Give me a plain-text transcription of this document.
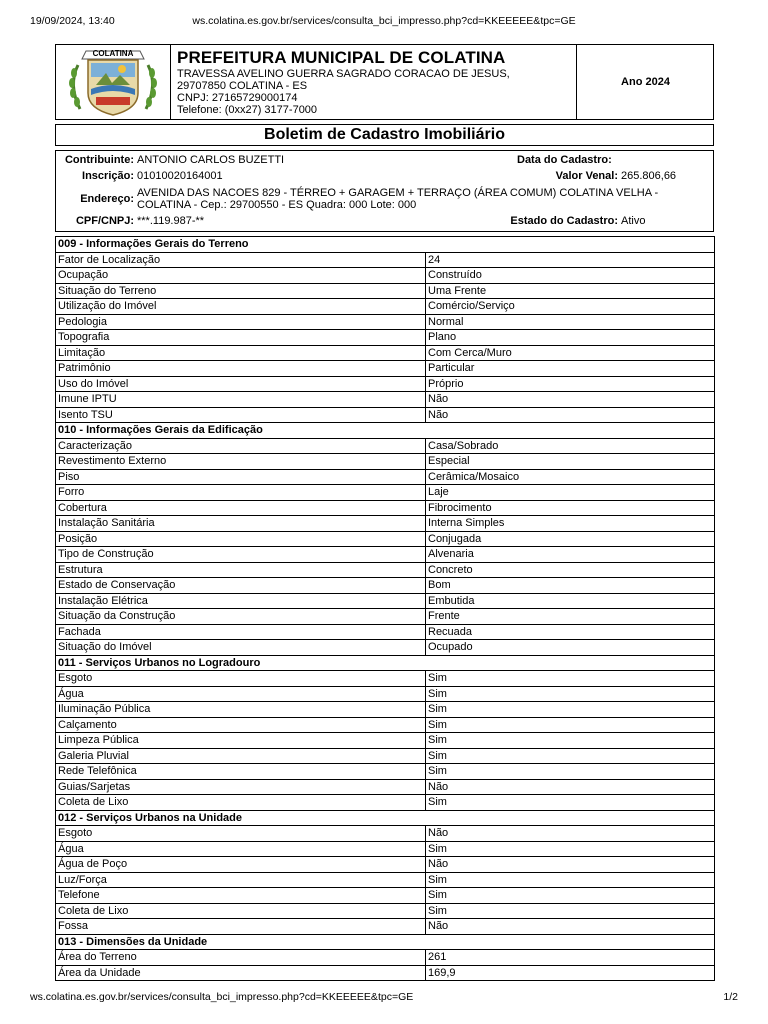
19/09/2024, 13:40	ws.colatina.es.gov.br/services/consulta_bci_impresso.php?cd=KKEEEEE&tpc=GE
COLATINA	PREFEITURA MUNICIPAL DE COLATINA
TRAVESSA AVELINO GUERRA SAGRADO CORACAO DE JESUS,
29707850 COLATINA - ES
CNPJ: 27165729000174
Telefone: (0xx27) 3177-7000
Ano 2024
Boletim de Cadastro Imobiliário
Contribuinte: ANTONIO CARLOS BUZETTI	Data do Cadastro:
Inscrição: 01010020164001	Valor Venal: 265.806,66
Endereço: AVENIDA DAS NACOES 829 - TÉRREO + GARAGEM + TERRAÇO (ÁREA COMUM) COLATINA VELHA -
COLATINA - Cep.: 29700550 - ES Quadra: 000 Lote: 000
CPF/CNPJ: ***.119.987-**	Estado do Cadastro: Ativo
009 - Informações Gerais do Terreno	
Fator de Localização	24
Ocupação	Construído
Situação do Terreno	Uma Frente
Utilização do Imóvel	Comércio/Serviço
Pedologia	Normal
Topografia	Plano
Limitação	Com Cerca/Muro
Patrimônio	Particular
Uso do Imóvel	Próprio
Imune IPTU	Não
Isento TSU	Não
010 - Informações Gerais da Edificação	
Caracterização	Casa/Sobrado
Revestimento Externo	Especial
Piso	Cerâmica/Mosaico
Forro	Laje
Cobertura	Fibrocimento
Instalação Sanitária	Interna Simples
Posição	Conjugada
Tipo de Construção	Alvenaria
Estrutura	Concreto
Estado de Conservação	Bom
Instalação Elétrica	Embutida
Situação da Construção	Frente
Fachada	Recuada
Situação do Imóvel	Ocupado
011 - Serviços Urbanos no Logradouro	
Esgoto	Sim
Água	Sim
Iluminação Pública	Sim
Calçamento	Sim
Limpeza Pública	Sim
Galeria Pluvial	Sim
Rede Telefônica	Sim
Guias/Sarjetas	Não
Coleta de Lixo	Sim
012 - Serviços Urbanos na Unidade	
Esgoto	Não
Água	Sim
Água de Poço	Não
Luz/Força	Sim
Telefone	Sim
Coleta de Lixo	Sim
Fossa	Não
013 - Dimensões da Unidade	
Área do Terreno	261
Área da Unidade	169,9
ws.colatina.es.gov.br/services/consulta_bci_impresso.php?cd=KKEEEEE&tpc=GE	1/2
